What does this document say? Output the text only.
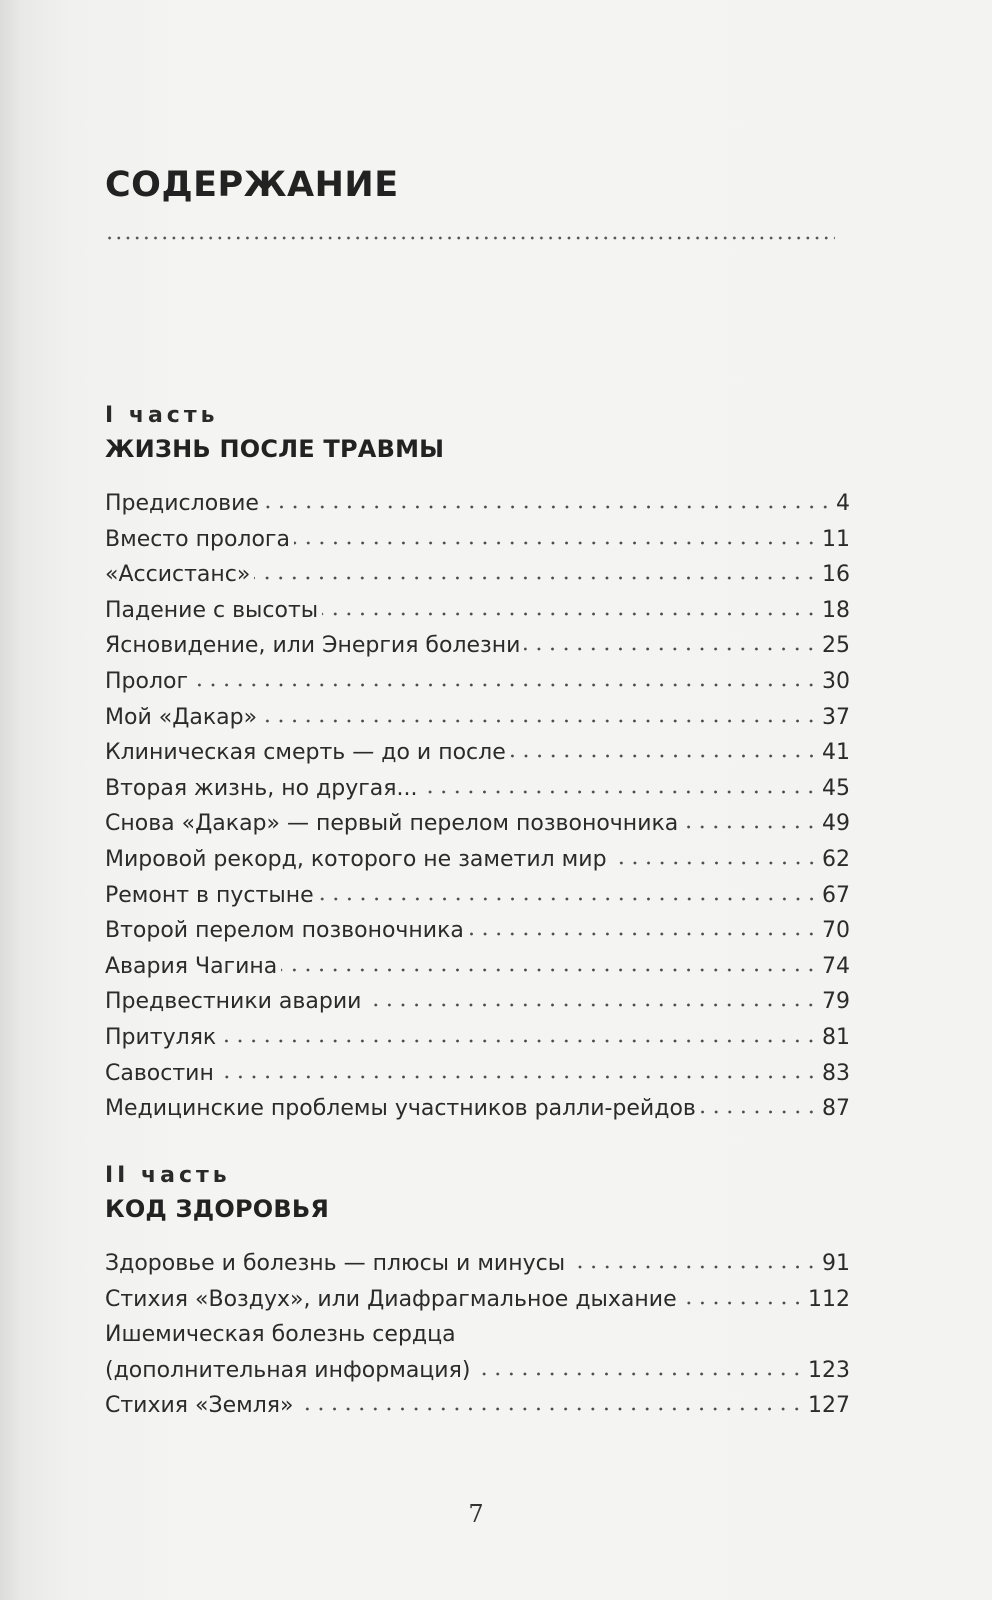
СОДЕРЖАНИЕ
I часть
ЖИЗНЬ ПОСЛЕ ТРАВМЫ
Предисловие	4
Вместо пролога	11
«Ассистанс»	16
Падение с высоты	18
Ясновидение, или Энергия болезни	25
Пролог	30
Мой «Дакар»	37
Клиническая смерть — до и после	41
Вторая жизнь, но другая...	45
Снова «Дакар» — первый перелом позвоночника	49
Мировой рекорд, которого не заметил мир	62
Ремонт в пустыне	67
Второй перелом позвоночника	70
Авария Чагина	74
Предвестники аварии	79
Притуляк	81
Савостин	83
Медицинские проблемы участников ралли-рейдов	87
II часть
КОД ЗДОРОВЬЯ
Здоровье и болезнь — плюсы и минусы	91
Стихия «Воздух», или Диафрагмальное дыхание	112
Ишемическая болезнь сердца
(дополнительная информация)	123
Стихия «Земля»	127
7
